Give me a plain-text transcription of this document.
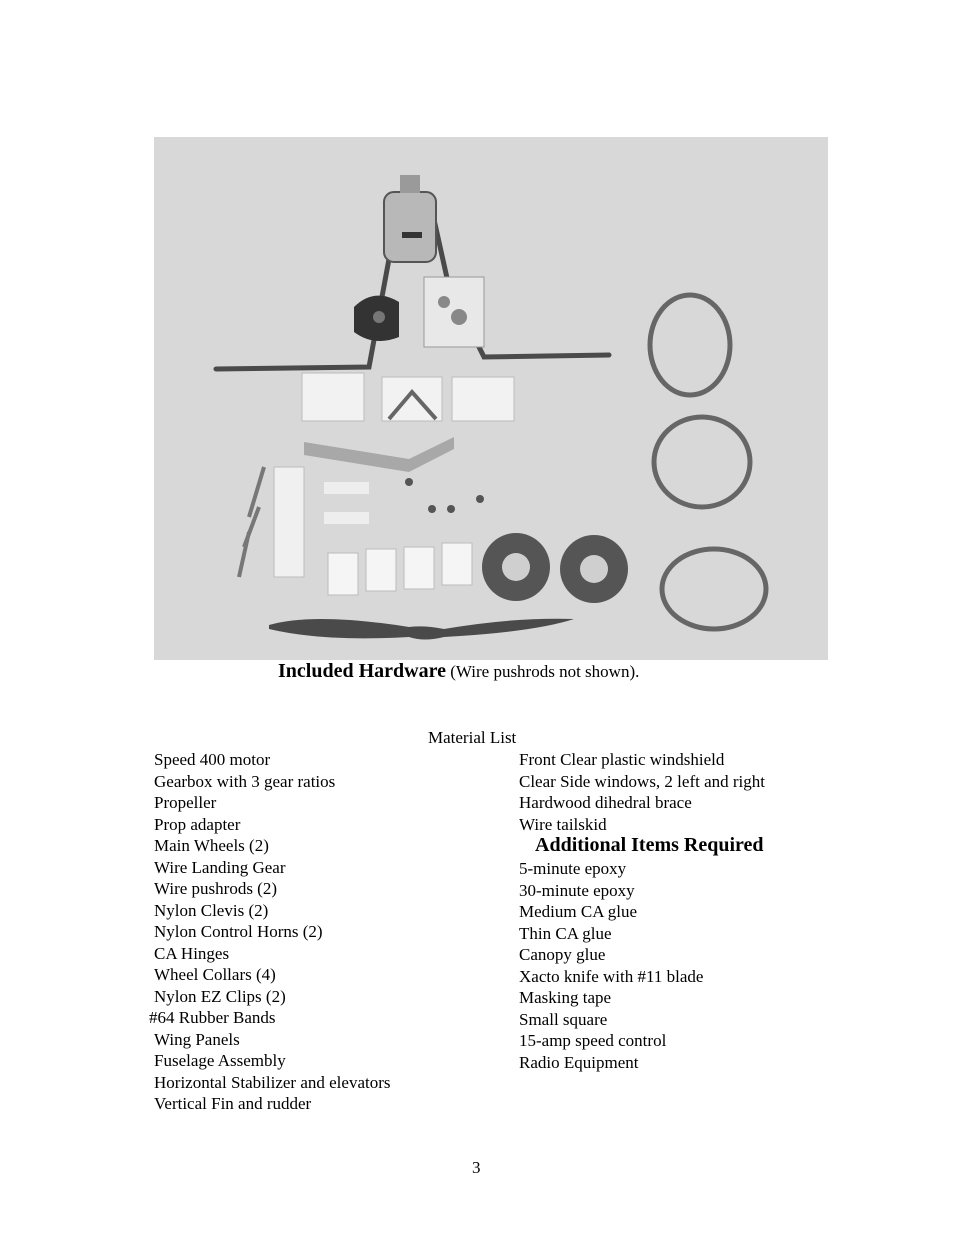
Included Hardware (Wire pushrods not shown).
Material List
Speed 400 motor
Gearbox with 3 gear ratios
Propeller
Prop adapter
Main Wheels (2)
Wire Landing Gear
Wire pushrods (2)
Nylon Clevis (2)
Nylon Control Horns (2)
CA Hinges
Wheel Collars (4)
Nylon EZ Clips (2)
#64 Rubber Bands
Wing Panels
Fuselage Assembly
Horizontal Stabilizer and elevators
Vertical Fin and rudder
Front Clear plastic windshield
Clear Side windows, 2 left and right
Hardwood dihedral brace
Wire tailskid
Additional Items Required
5-minute epoxy
30-minute epoxy
Medium CA glue
Thin CA glue
Canopy glue
Xacto knife with #11 blade
Masking tape
Small square
15-amp speed control
Radio Equipment
3
